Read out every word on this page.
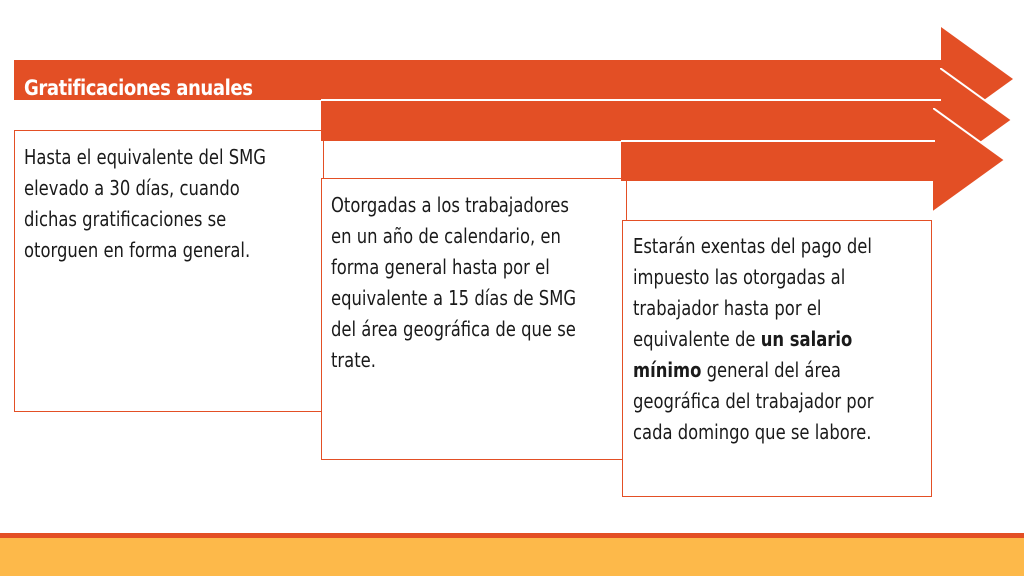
Gratificaciones anuales
Hasta el equivalente del SMG
elevado a 30 días, cuando
dichas gratificaciones se
otorguen en forma general.
Primas vacacionales y PTU
Otorgadas a los trabajadores
en un año de calendario, en
forma general hasta por el
equivalente a 15 días de SMG
del área geográfica de que se
trate.
Primas dominicales
Estarán exentas del pago del
impuesto las otorgadas al
trabajador hasta por el
equivalente de un salario
mínimo general del área
geográfica del trabajador por
cada domingo que se labore.
